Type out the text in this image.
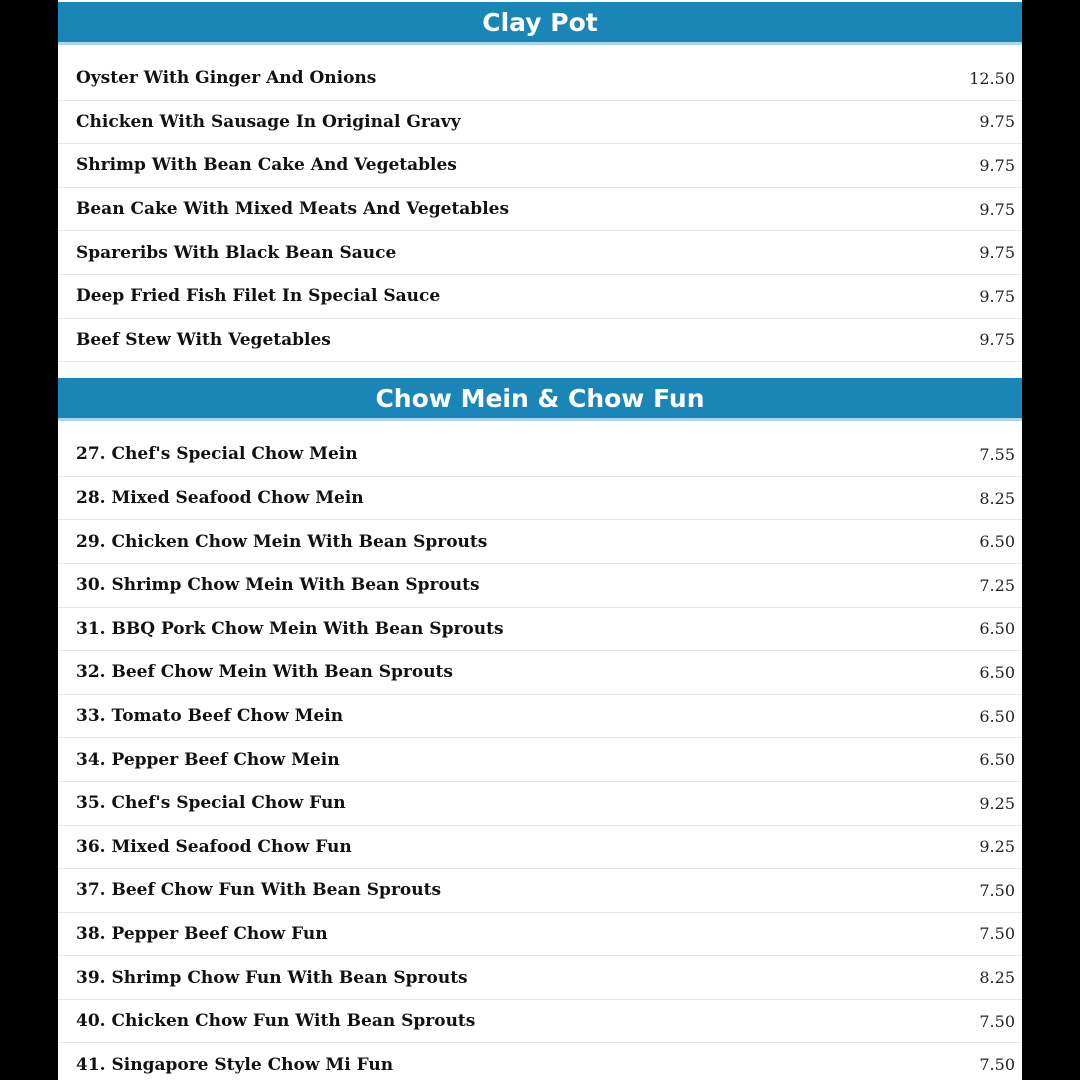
Clay Pot
Oyster With Ginger And Onions	12.50
Chicken With Sausage In Original Gravy	9.75
Shrimp With Bean Cake And Vegetables	9.75
Bean Cake With Mixed Meats And Vegetables	9.75
Spareribs With Black Bean Sauce	9.75
Deep Fried Fish Filet In Special Sauce	9.75
Beef Stew With Vegetables	9.75
Chow Mein & Chow Fun
27. Chef's Special Chow Mein	7.55
28. Mixed Seafood Chow Mein	8.25
29. Chicken Chow Mein With Bean Sprouts	6.50
30. Shrimp Chow Mein With Bean Sprouts	7.25
31. BBQ Pork Chow Mein With Bean Sprouts	6.50
32. Beef Chow Mein With Bean Sprouts	6.50
33. Tomato Beef Chow Mein	6.50
34. Pepper Beef Chow Mein	6.50
35. Chef's Special Chow Fun	9.25
36. Mixed Seafood Chow Fun	9.25
37. Beef Chow Fun With Bean Sprouts	7.50
38. Pepper Beef Chow Fun	7.50
39. Shrimp Chow Fun With Bean Sprouts	8.25
40. Chicken Chow Fun With Bean Sprouts	7.50
41. Singapore Style Chow Mi Fun	7.50
